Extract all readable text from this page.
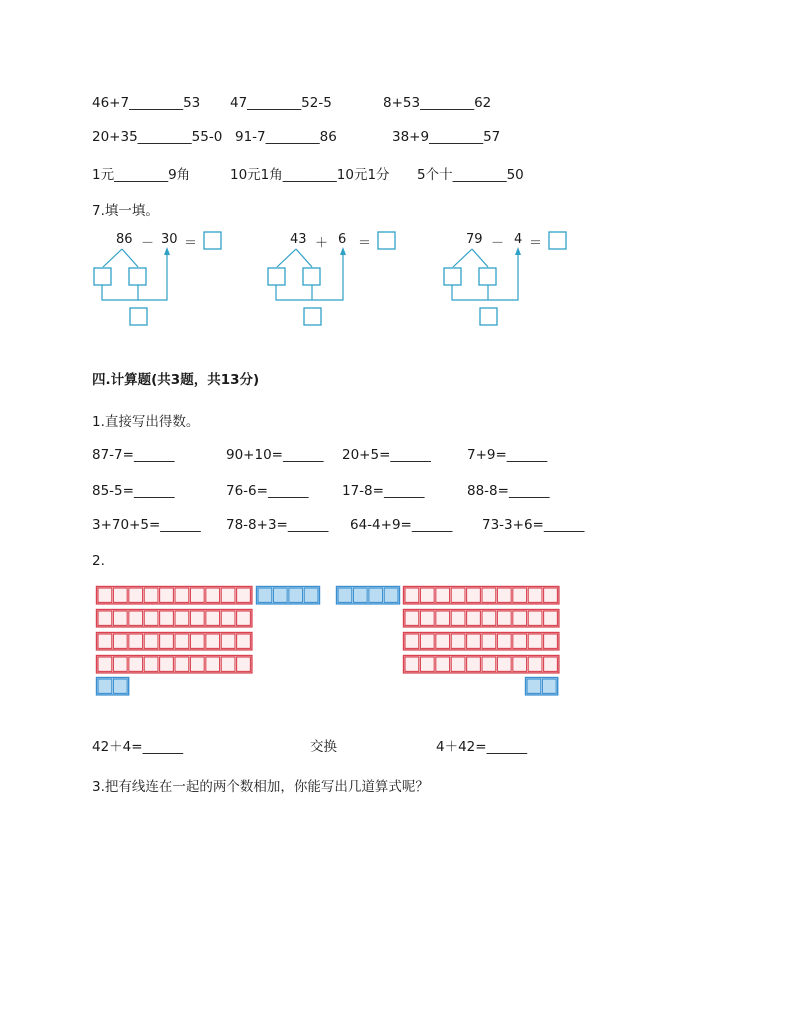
46+7________53 47________52-5	8+53________62
20+35________55-0 91-7________86	38+9________57
1元________9角	10元1角________10元1分 5个十________50
7.填一填。
86 － 30 ＝	43 ＋ 6 ＝	79 － 4 ＝
四.计算题(共3题，共13分)
1.直接写出得数。
87-7=______	90+10=______ 20+5=______	7+9=______
85-5=______	76-6=______ 17-8=______	88-8=______
3+70+5=______ 78-8+3=______ 64-4+9=______ 73-3+6=______
2.
42＋4=______	交换	4＋42=______
3.把有线连在一起的两个数相加，你能写出几道算式呢？
